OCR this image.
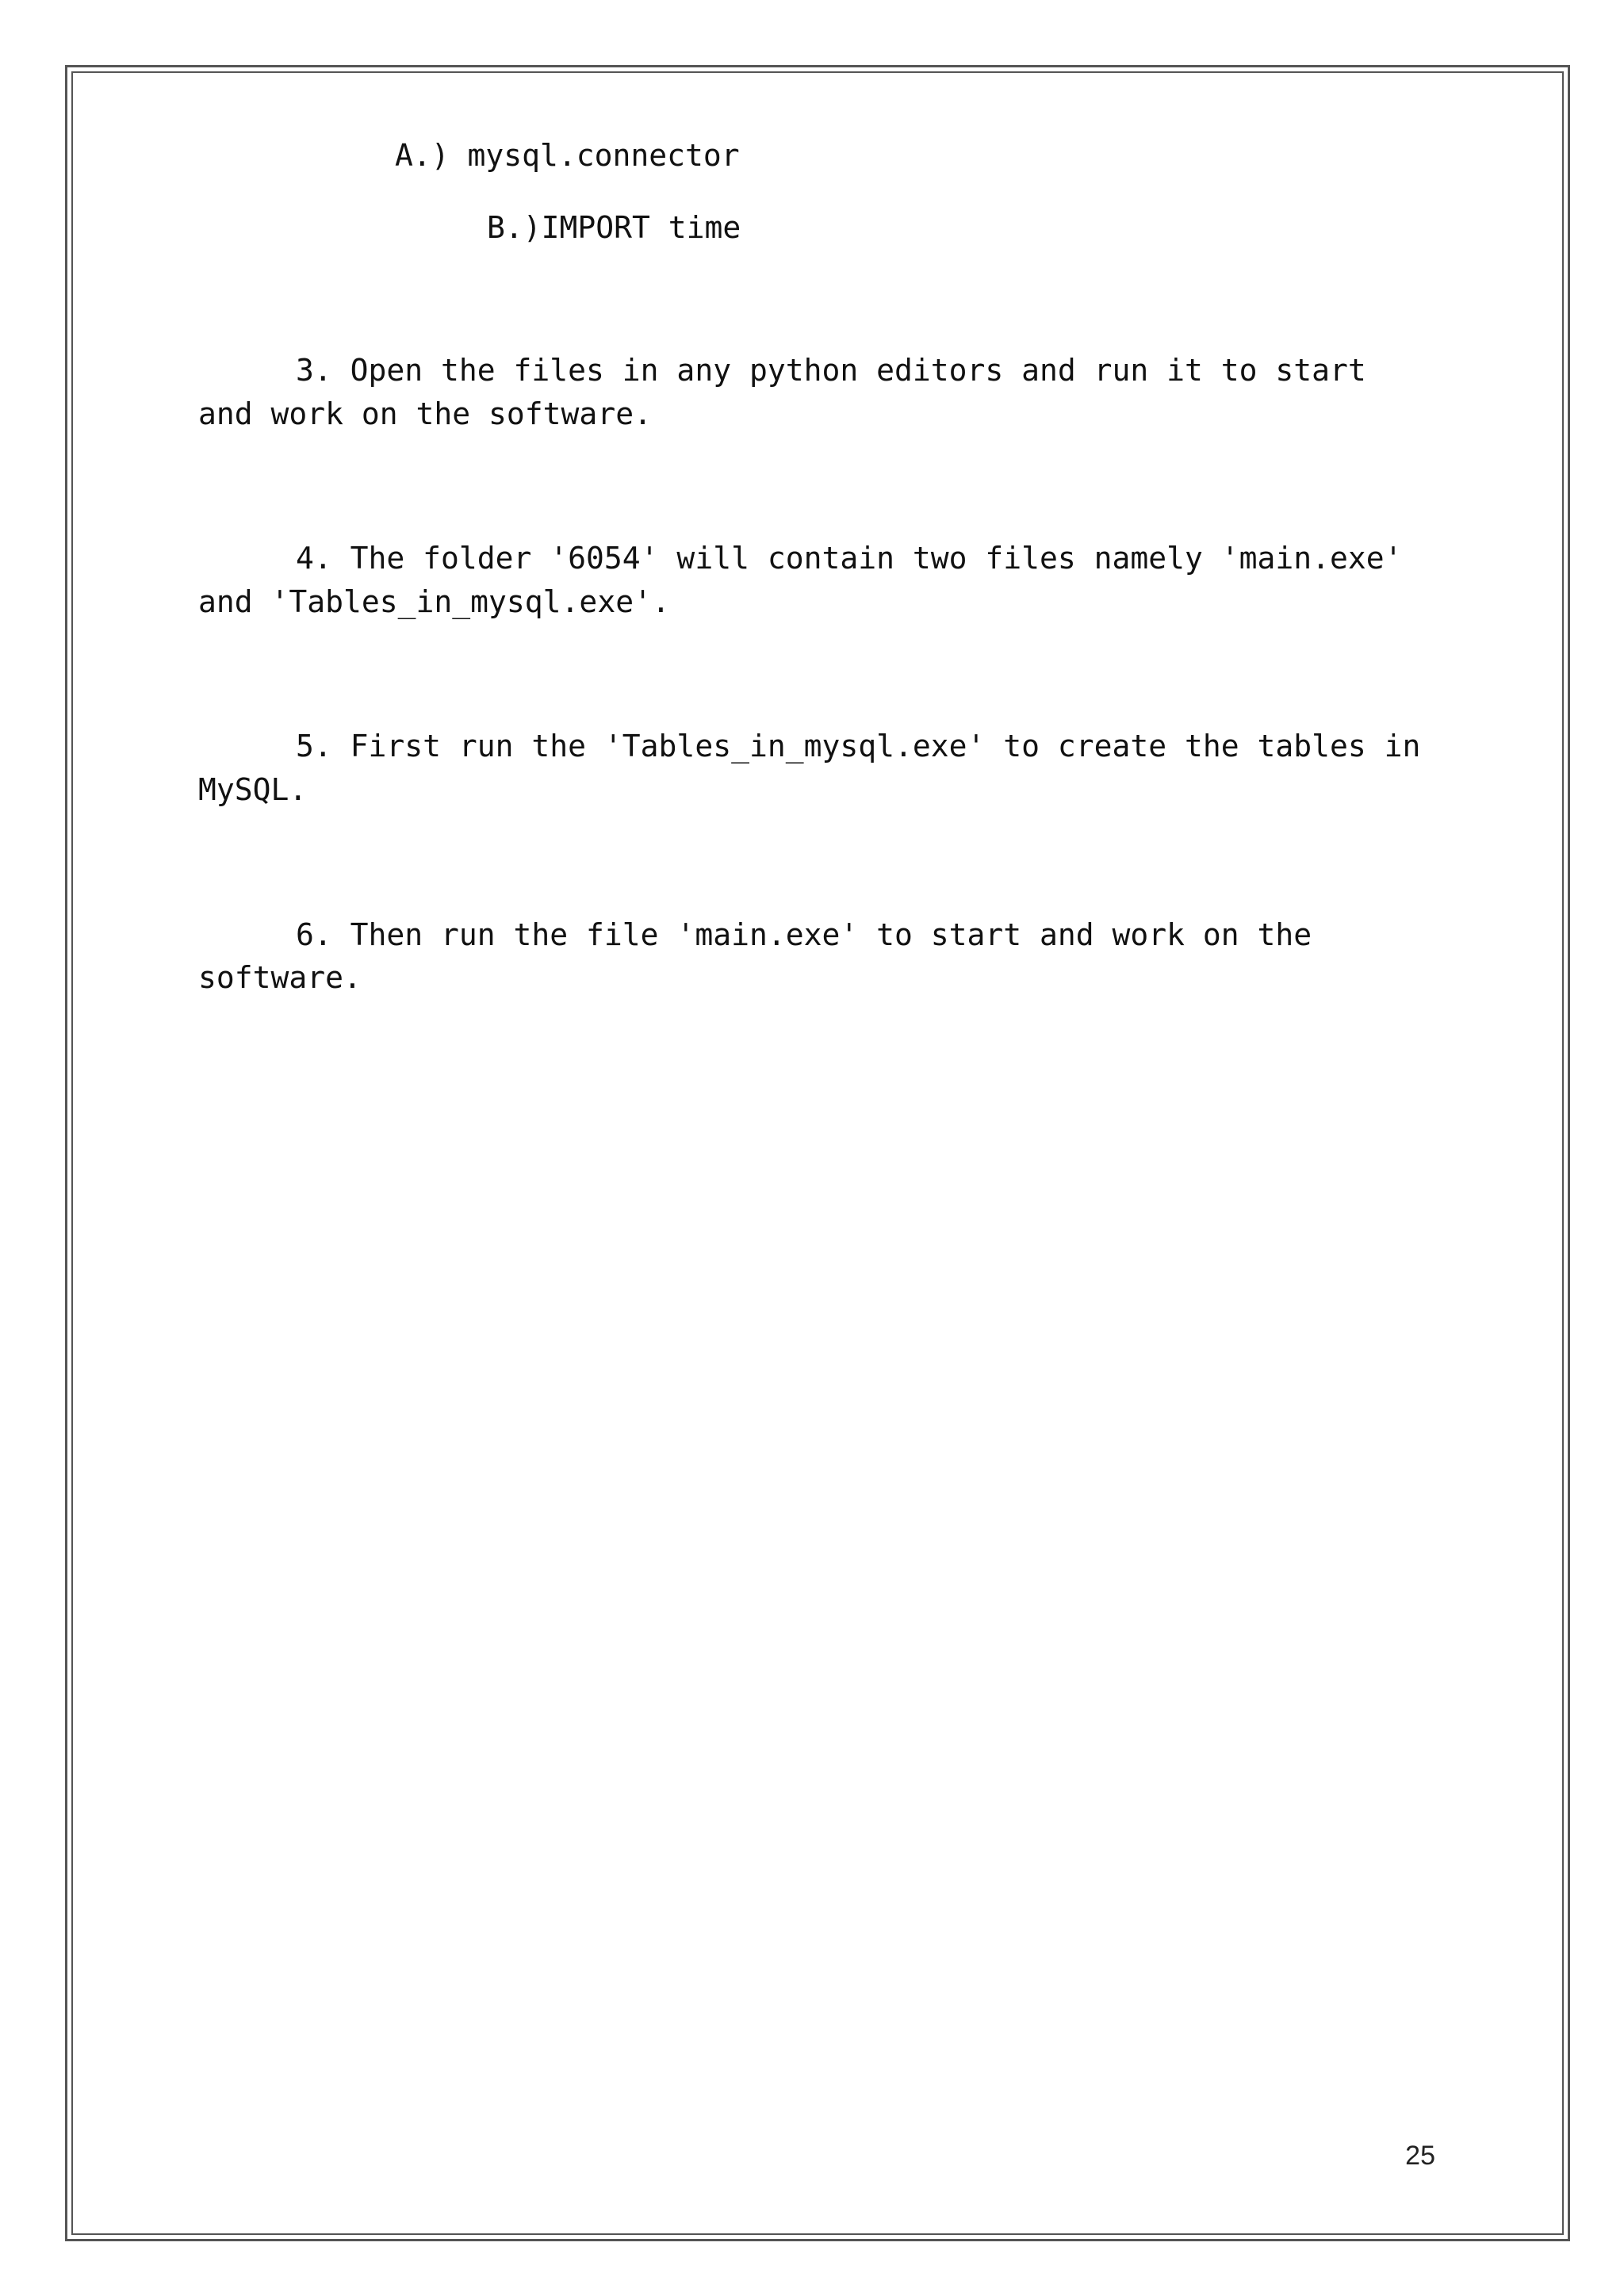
A.) mysql.connector
B.)IMPORT time
3. Open the files in any python editors and run it to start
and work on the software.
4. The folder '6054' will contain two files namely 'main.exe'
and 'Tables_in_mysql.exe'.
5. First run the 'Tables_in_mysql.exe' to create the tables in
MySQL.
6. Then run the file 'main.exe' to start and work on the
software.
25
